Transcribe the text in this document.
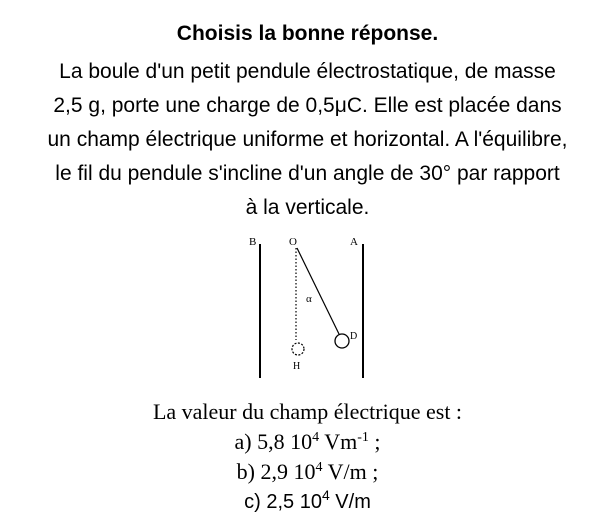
Choisis la bonne réponse.
La boule d'un petit pendule électrostatique, de masse
2,5 g, porte une charge de 0,5μC. Elle est placée dans
un champ électrique uniforme et horizontal. A l'équilibre,
le fil du pendule s'incline d'un angle de 30° par rapport
à la verticale.
B	O	A
α
D
H
La valeur du champ électrique est :
a) 5,8 $10^4$ $Vm^{-1}$ ;
b) 2,9 $10^4$ V/m ;
c) 2,5 $10^4$ V/m
